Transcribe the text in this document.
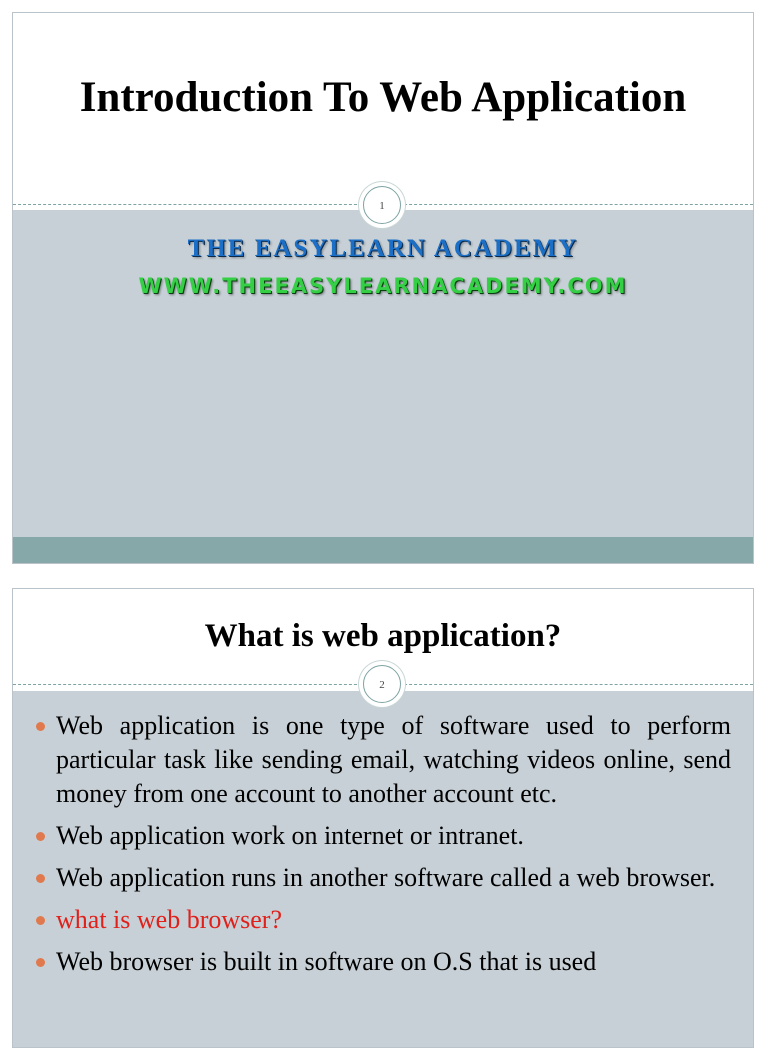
Introduction To Web Application
1
THE EASYLEARN ACADEMY
WWW.THEEASYLEARNACADEMY.COM
What is web application?
2
Web application is one type of software used to perform particular task like sending email, watching videos online, send money from one account to another account etc.
Web application work on internet or intranet.
Web application runs in another software called a web browser.
what is web browser?
Web browser is built in software on O.S that is used
